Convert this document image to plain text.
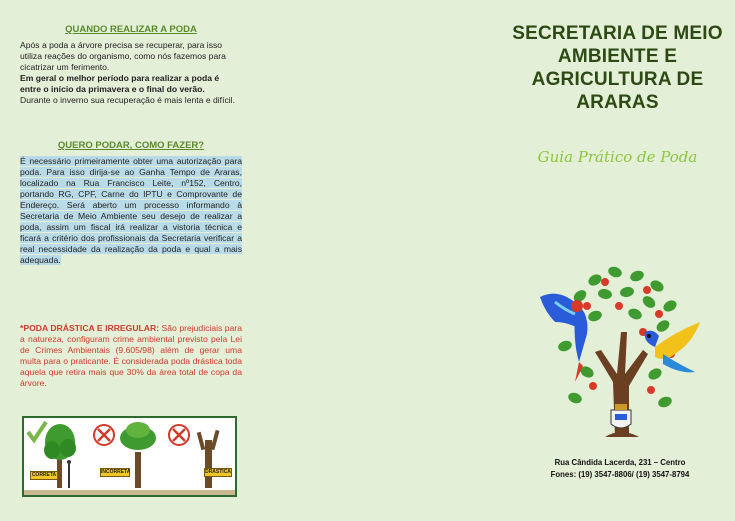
QUANDO REALIZAR A PODA
Após a poda a árvore precisa se recuperar, para isso utiliza reações do organismo, como nós fazemos para cicatrizar um ferimento.
Em geral o melhor período para realizar a poda é entre o início da primavera e o final do verão.
Durante o inverno sua recuperação é mais lenta e difícil.
QUERO PODAR, COMO FAZER?
É necessário primeiramente obter uma autorização para poda. Para isso dirija-se ao Ganha Tempo de Araras, localizado na Rua Francisco Leite, nº152, Centro, portando RG, CPF, Carne do IPTU e Comprovante de Endereço. Será aberto um processo informando à Secretaria de Meio Ambiente seu desejo de realizar a poda, assim um fiscal irá realizar a vistoria técnica e ficará a critério dos profissionais da Secretaria verificar a real necessidade da realização da poda e qual a mais adequada.
*PODA DRÁSTICA E IRREGULAR: São prejudiciais para a natureza, configuram crime ambiental previsto pela Lei de Crimes Ambientais (9.605/98) além de gerar uma multa para o praticante. É considerada poda drástica toda aquela que retira mais que 30% da área total de copa da árvore.
CORRETA	INCORRETA	DRÁSTICA
SECRETARIA DE MEIO AMBIENTE E AGRICULTURA DE ARARAS
Guia Prático de Poda
Rua Cândida Lacerda, 231 – Centro
Fones: (19) 3547-8806/ (19) 3547-8794
